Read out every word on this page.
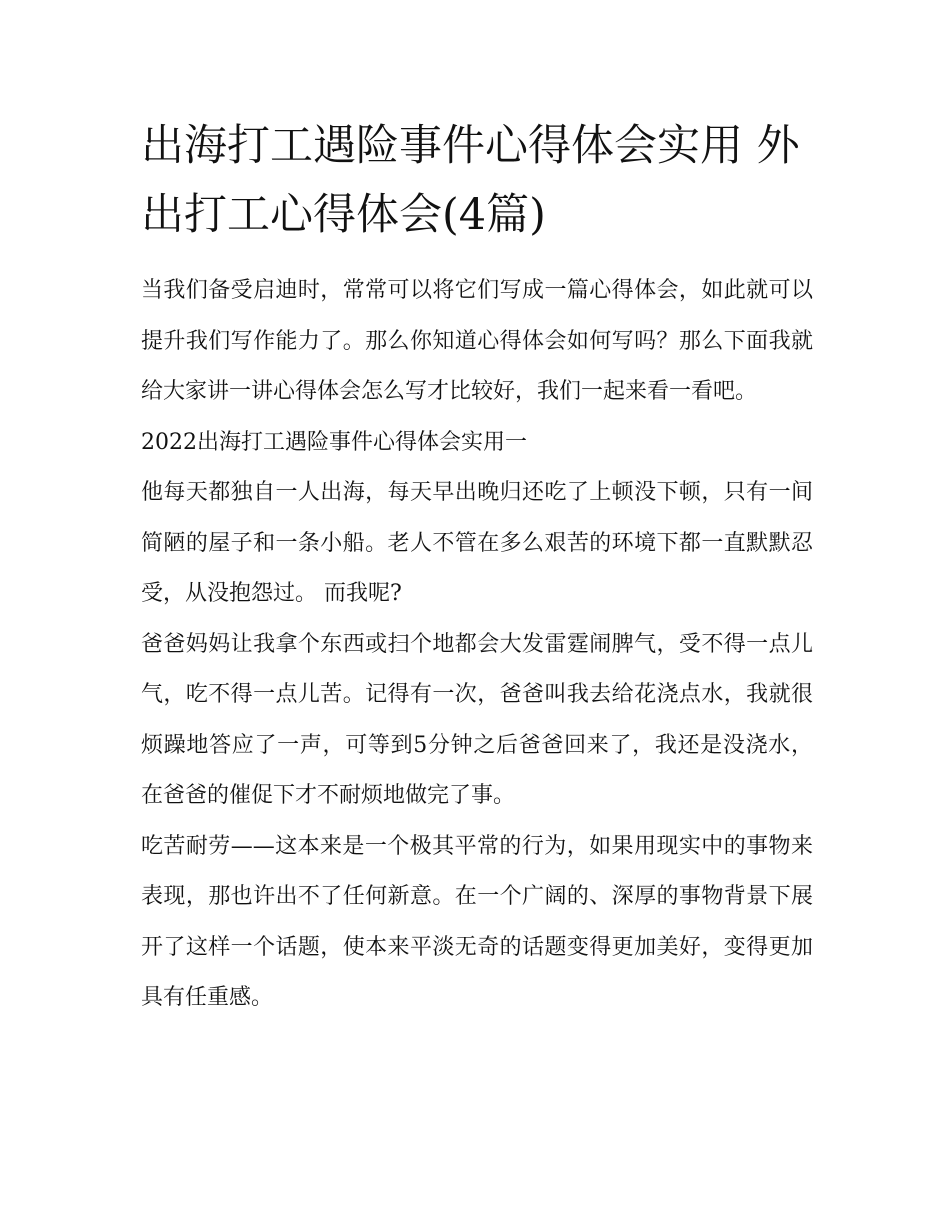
出海打工遇险事件心得体会实用 外出打工心得体会(4篇)

当我们备受启迪时，常常可以将它们写成一篇心得体会，如此就可以提升我们写作能力了。那么你知道心得体会如何写吗？那么下面我就给大家讲一讲心得体会怎么写才比较好，我们一起来看一看吧。

2022出海打工遇险事件心得体会实用一

他每天都独自一人出海，每天早出晚归还吃了上顿没下顿，只有一间简陋的屋子和一条小船。老人不管在多么艰苦的环境下都一直默默忍受，从没抱怨过。 而我呢?

爸爸妈妈让我拿个东西或扫个地都会大发雷霆闹脾气，受不得一点儿气，吃不得一点儿苦。记得有一次，爸爸叫我去给花浇点水，我就很烦躁地答应了一声，可等到5分钟之后爸爸回来了，我还是没浇水，在爸爸的催促下才不耐烦地做完了事。

吃苦耐劳——这本来是一个极其平常的行为，如果用现实中的事物来表现，那也许出不了任何新意。在一个广阔的、深厚的事物背景下展开了这样一个话题，使本来平淡无奇的话题变得更加美好，变得更加具有任重感。
